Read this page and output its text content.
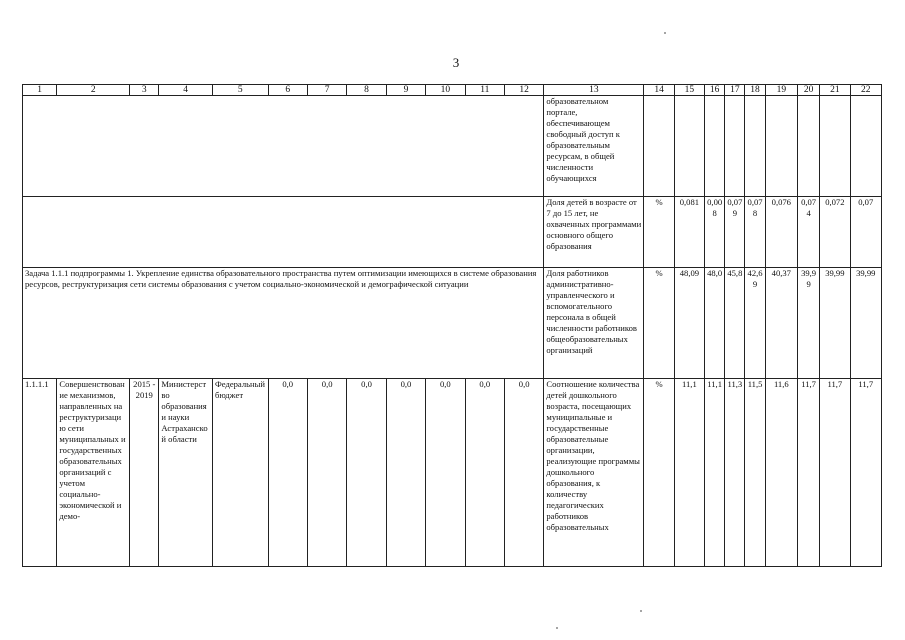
3
1	2	3	4	5	6	7	8	9	10	11	12	13	14	15	16	17	18	19	20	21	22
												образовательном портале, обеспечивающем свободный доступ к образовательным ресурсам, в общей численности обучающихся									
												Доля детей в возрасте от 7 до 15 лет, не охваченных программами основного общего образования	%	0,081	0,008	0,079	0,078	0,076	0,074	0,072	0,07
Задача 1.1.1 подпрограммы 1. Укрепление единства образовательного пространства путем оптимизации имеющихся в системе образования ресурсов, реструктуризация сети системы образования с учетом социально-экономической и демографической ситуации												Доля работников административно-управленческого и вспомогательного персонала в общей численности работников общеобразовательных организаций	%	48,09	48,0	45,8	42,69	40,37	39,99	39,99	39,99
1.1.1.1	Совершенствование механизмов, направленных на реструктуризацию сети муниципальных и государственных образовательных организаций с учетом социально-экономической и демо-	2015 - 2019	Министерство образования и науки Астраханской области	Федеральный бюджет	0,0	0,0	0,0	0,0	0,0	0,0	0,0	Соотношение количества детей дошкольного возраста, посещающих муниципальные и государственные образовательные организации, реализующие программы дошкольного образования, к количеству педагогических работников образовательных	%	11,1	11,1	11,3	11,5	11,6	11,7	11,7	11,7
